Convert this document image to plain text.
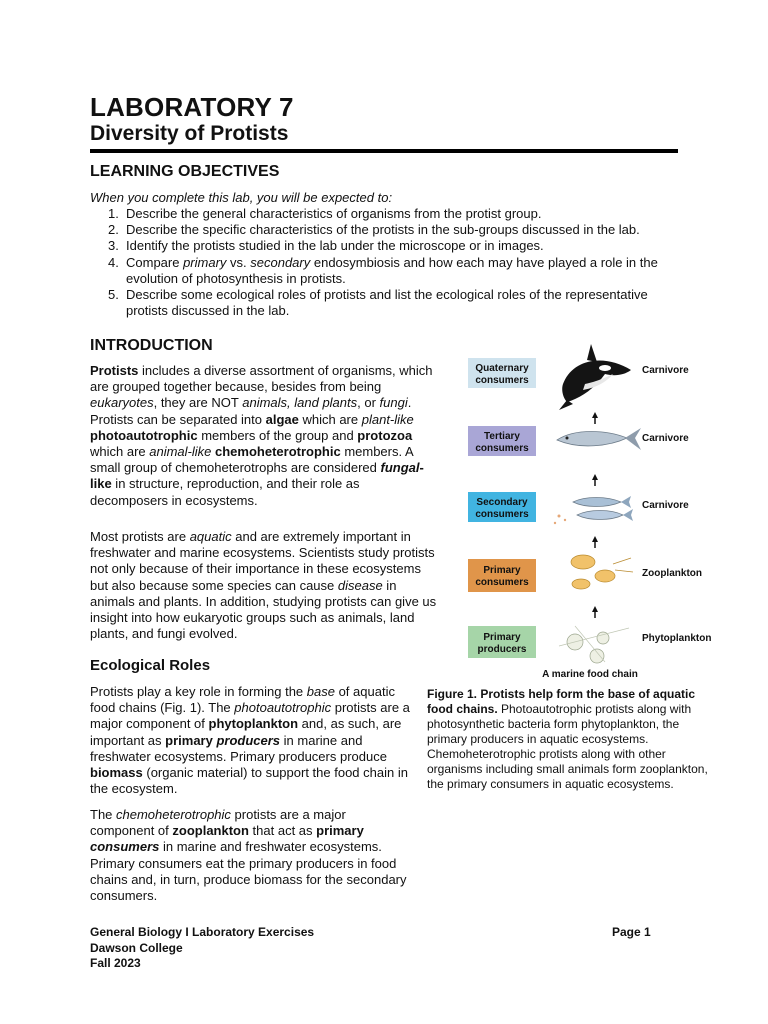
LABORATORY 7
Diversity of Protists
LEARNING OBJECTIVES
When you complete this lab, you will be expected to:
1. Describe the general characteristics of organisms from the protist group.
2. Describe the specific characteristics of the protists in the sub-groups discussed in the lab.
3. Identify the protists studied in the lab under the microscope or in images.
4. Compare primary vs. secondary endosymbiosis and how each may have played a role in the evolution of photosynthesis in protists.
5. Describe some ecological roles of protists and list the ecological roles of the representative protists discussed in the lab.
INTRODUCTION
Protists includes a diverse assortment of organisms, which are grouped together because, besides from being eukaryotes, they are NOT animals, land plants, or fungi. Protists can be separated into algae which are plant-like photoautotrophic members of the group and protozoa which are animal-like chemoheterotrophic members. A small group of chemoheterotrophs are considered fungal-like in structure, reproduction, and their role as decomposers in ecosystems.
Most protists are aquatic and are extremely important in freshwater and marine ecosystems. Scientists study protists not only because of their importance in these ecosystems but also because some species can cause disease in animals and plants. In addition, studying protists can give us insight into how eukaryotic groups such as animals, land plants, and fungi evolved.
Ecological Roles
Protists play a key role in forming the base of aquatic food chains (Fig. 1). The photoautotrophic protists are a major component of phytoplankton and, as such, are important as primary producers in marine and freshwater ecosystems. Primary producers produce biomass (organic material) to support the food chain in the ecosystem.
The chemoheterotrophic protists are a major component of zooplankton that act as primary consumers in marine and freshwater ecosystems. Primary consumers eat the primary producers in food chains and, in turn, produce biomass for the secondary consumers.
Quaternary
consumers
Carnivore
Tertiary
consumers
Carnivore
Secondary
consumers
Carnivore
Primary
consumers
Zooplankton
Primary
producers
Phytoplankton
A marine food chain
Figure 1. Protists help form the base of aquatic food chains. Photoautotrophic protists along with photosynthetic bacteria form phytoplankton, the primary producers in aquatic ecosystems. Chemoheterotrophic protists along with other organisms including small animals form zooplankton, the primary consumers in aquatic ecosystems.
General Biology I Laboratory Exercises
Dawson College
Fall 2023
Page 1
